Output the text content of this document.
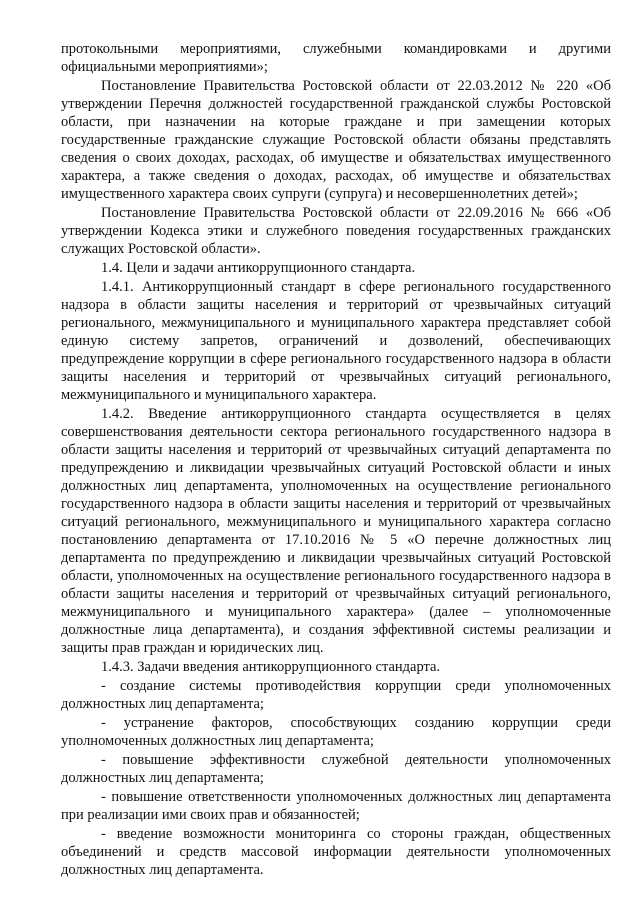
протокольными мероприятиями, служебными командировками и другими официальными мероприятиями»;

Постановление Правительства Ростовской области от 22.03.2012 № 220 «Об утверждении Перечня должностей государственной гражданской службы Ростовской области, при назначении на которые граждане и при замещении которых государственные гражданские служащие Ростовской области обязаны представлять сведения о своих доходах, расходах, об имуществе и обязательствах имущественного характера, а также сведения о доходах, расходах, об имуществе и обязательствах имущественного характера своих супруги (супруга) и несовершеннолетних детей»;

Постановление Правительства Ростовской области от 22.09.2016 № 666 «Об утверждении Кодекса этики и служебного поведения государственных гражданских служащих Ростовской области».

1.4. Цели и задачи антикоррупционного стандарта.

1.4.1. Антикоррупционный стандарт в сфере регионального государственного надзора в области защиты населения и территорий от чрезвычайных ситуаций регионального, межмуниципального и муниципального характера представляет собой единую систему запретов, ограничений и дозволений, обеспечивающих предупреждение коррупции в сфере регионального государственного надзора в области защиты населения и территорий от чрезвычайных ситуаций регионального, межмуниципального и муниципального характера.

1.4.2. Введение антикоррупционного стандарта осуществляется в целях совершенствования деятельности сектора регионального государственного надзора в области защиты населения и территорий от чрезвычайных ситуаций департамента по предупреждению и ликвидации чрезвычайных ситуаций Ростовской области и иных должностных лиц департамента, уполномоченных на осуществление регионального государственного надзора в области защиты населения и территорий от чрезвычайных ситуаций регионального, межмуниципального и муниципального характера согласно постановлению департамента от 17.10.2016 № 5 «О перечне должностных лиц департамента по предупреждению и ликвидации чрезвычайных ситуаций Ростовской области, уполномоченных на осуществление регионального государственного надзора в области защиты населения и территорий от чрезвычайных ситуаций регионального, межмуниципального и муниципального характера» (далее – уполномоченные должностные лица департамента), и создания эффективной системы реализации и защиты прав граждан и юридических лиц.

1.4.3. Задачи введения антикоррупционного стандарта.

- создание системы противодействия коррупции среди уполномоченных должностных лиц департамента;

- устранение факторов, способствующих созданию коррупции среди уполномоченных должностных лиц департамента;

- повышение эффективности служебной деятельности уполномоченных должностных лиц департамента;

- повышение ответственности уполномоченных должностных лиц департамента при реализации ими своих прав и обязанностей;

- введение возможности мониторинга со стороны граждан, общественных объединений и средств массовой информации деятельности уполномоченных должностных лиц департамента.
